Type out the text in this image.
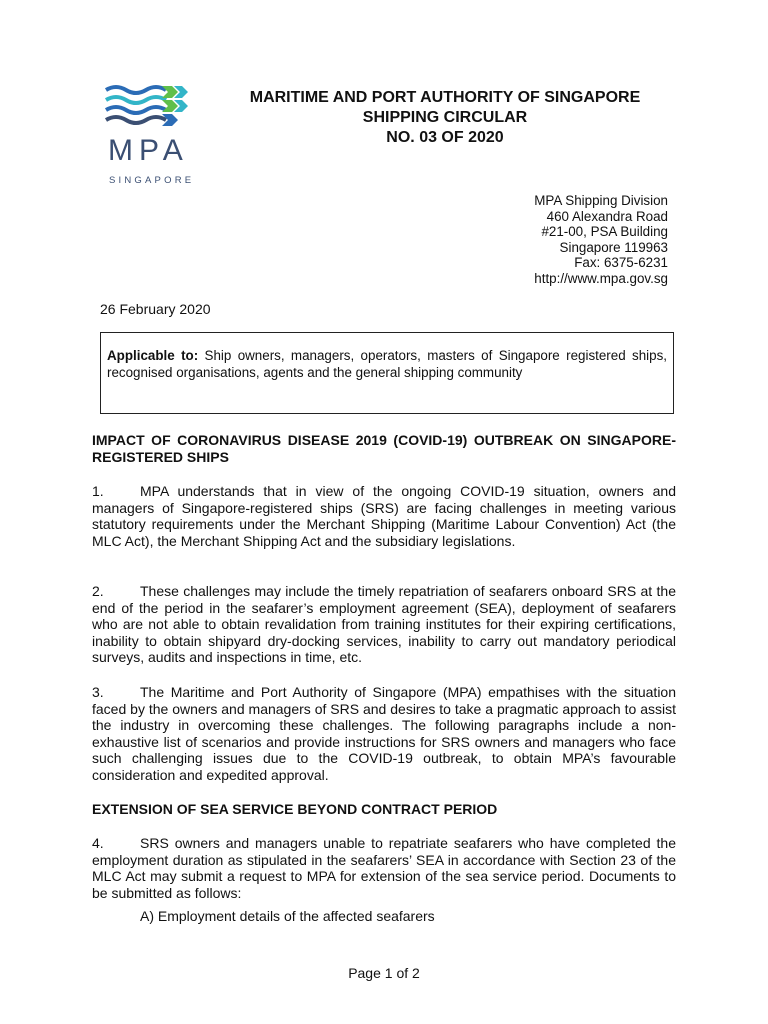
MPA
SINGAPORE
MARITIME AND PORT AUTHORITY OF SINGAPORE
SHIPPING CIRCULAR
NO. 03 OF 2020
MPA Shipping Division
460 Alexandra Road
#21-00, PSA Building
Singapore 119963
Fax: 6375-6231
http://www.mpa.gov.sg
26 February 2020
Applicable to: Ship owners, managers, operators, masters of Singapore registered ships, recognised organisations, agents and the general shipping community
IMPACT OF CORONAVIRUS DISEASE 2019 (COVID-19) OUTBREAK ON SINGAPORE-REGISTERED SHIPS
1.	MPA understands that in view of the ongoing COVID-19 situation, owners and managers of Singapore-registered ships (SRS) are facing challenges in meeting various statutory requirements under the Merchant Shipping (Maritime Labour Convention) Act (the MLC Act), the Merchant Shipping Act and the subsidiary legislations.
2.	These challenges may include the timely repatriation of seafarers onboard SRS at the end of the period in the seafarer’s employment agreement (SEA), deployment of seafarers who are not able to obtain revalidation from training institutes for their expiring certifications, inability to obtain shipyard dry-docking services, inability to carry out mandatory periodical surveys, audits and inspections in time, etc.
3.	The Maritime and Port Authority of Singapore (MPA) empathises with the situation faced by the owners and managers of SRS and desires to take a pragmatic approach to assist the industry in overcoming these challenges. The following paragraphs include a non-exhaustive list of scenarios and provide instructions for SRS owners and managers who face such challenging issues due to the COVID-19 outbreak, to obtain MPA’s favourable consideration and expedited approval.
EXTENSION OF SEA SERVICE BEYOND CONTRACT PERIOD
4.	SRS owners and managers unable to repatriate seafarers who have completed the employment duration as stipulated in the seafarers’ SEA in accordance with Section 23 of the MLC Act may submit a request to MPA for extension of the sea service period. Documents to be submitted as follows:
A) Employment details of the affected seafarers
Page 1 of 2
